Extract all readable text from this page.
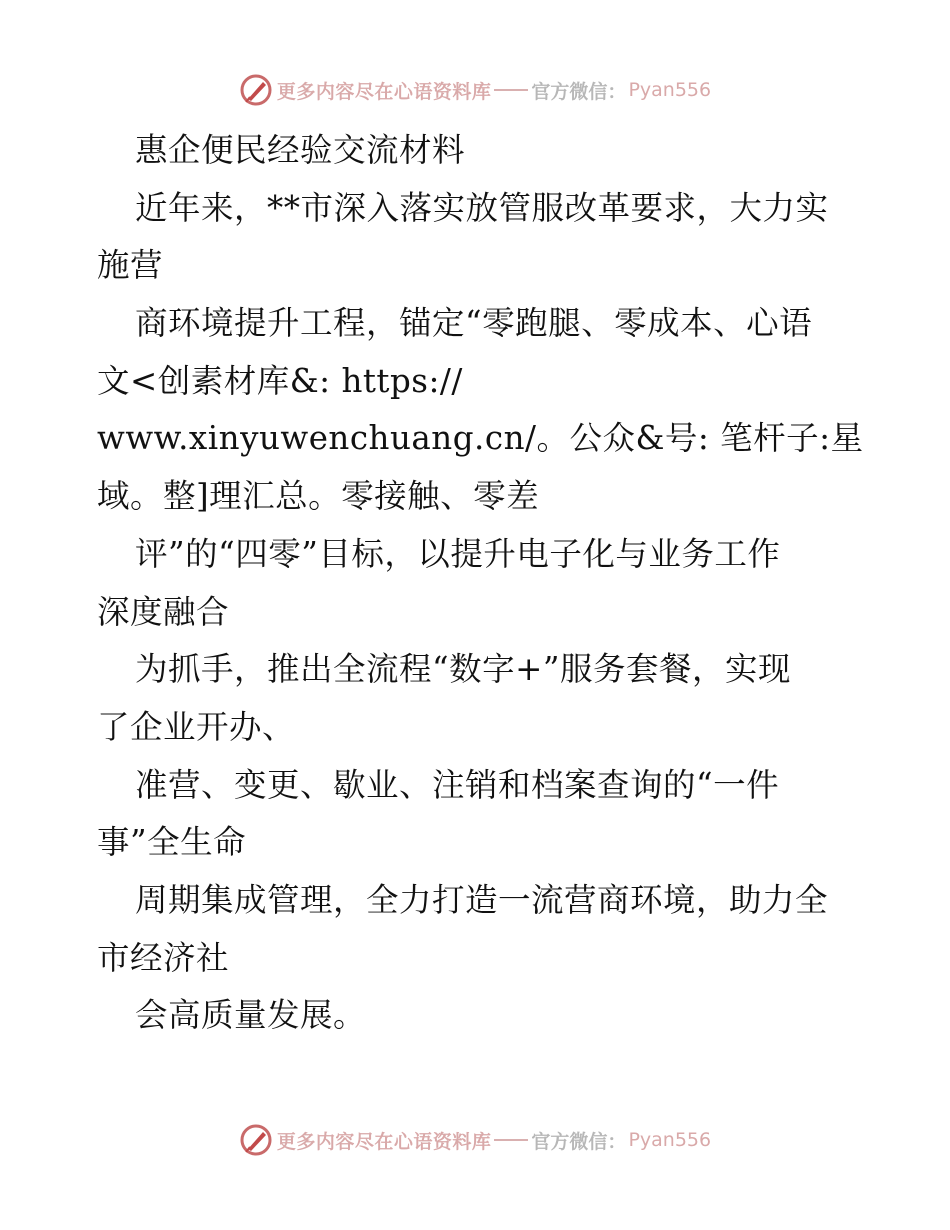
更多内容尽在心语资料库 官方微信： Pyan556
惠企便民经验交流材料
近年来，**市深入落实放管服改革要求，大力实
施营
商环境提升工程，锚定“零跑腿、零成本、心语
文<创素材库&: https://
www.xinyuwenchuang.cn/。公众&号: 笔杆子:星
域。整]理汇总。零接触、零差
评”的“四零”目标，以提升电子化与业务工作
深度融合
为抓手，推出全流程“数字+”服务套餐，实现
了企业开办、
准营、变更、歇业、注销和档案查询的“一件
事”全生命
周期集成管理，全力打造一流营商环境，助力全
市经济社
会高质量发展。
更多内容尽在心语资料库 官方微信： Pyan556
